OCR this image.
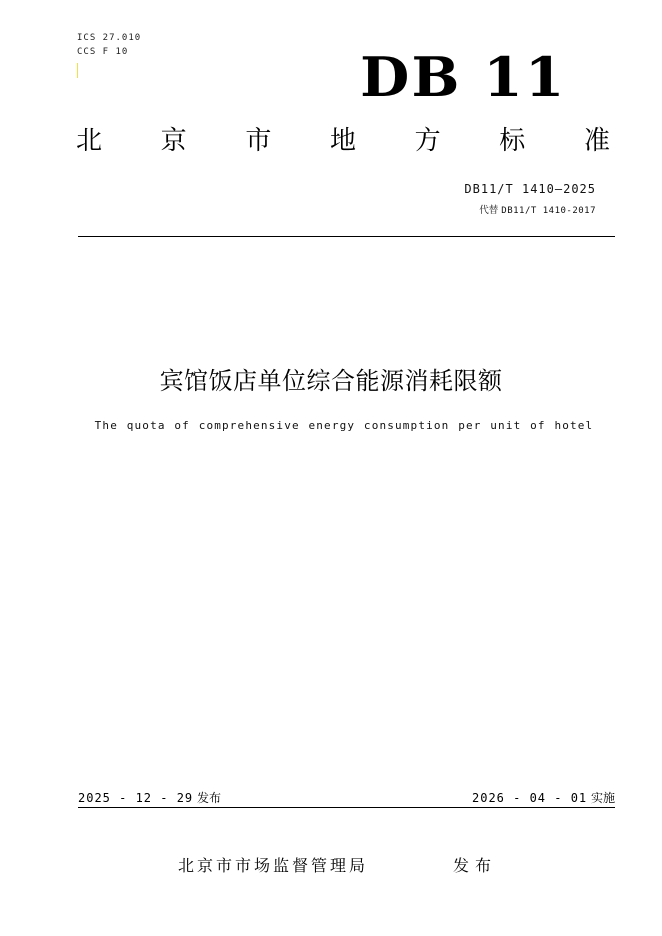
ICS 27.010
CCS F 10	DB 11
北 京 市 地 方 标 准
DB11/T 1410—2025
代替 DB11/T 1410-2017
宾馆饭店单位综合能源消耗限额
The quota of comprehensive energy consumption per unit of hotel
2025 - 12 - 29 发布	2026 - 04 - 01 实施
北京市市场监督管理局	发布
